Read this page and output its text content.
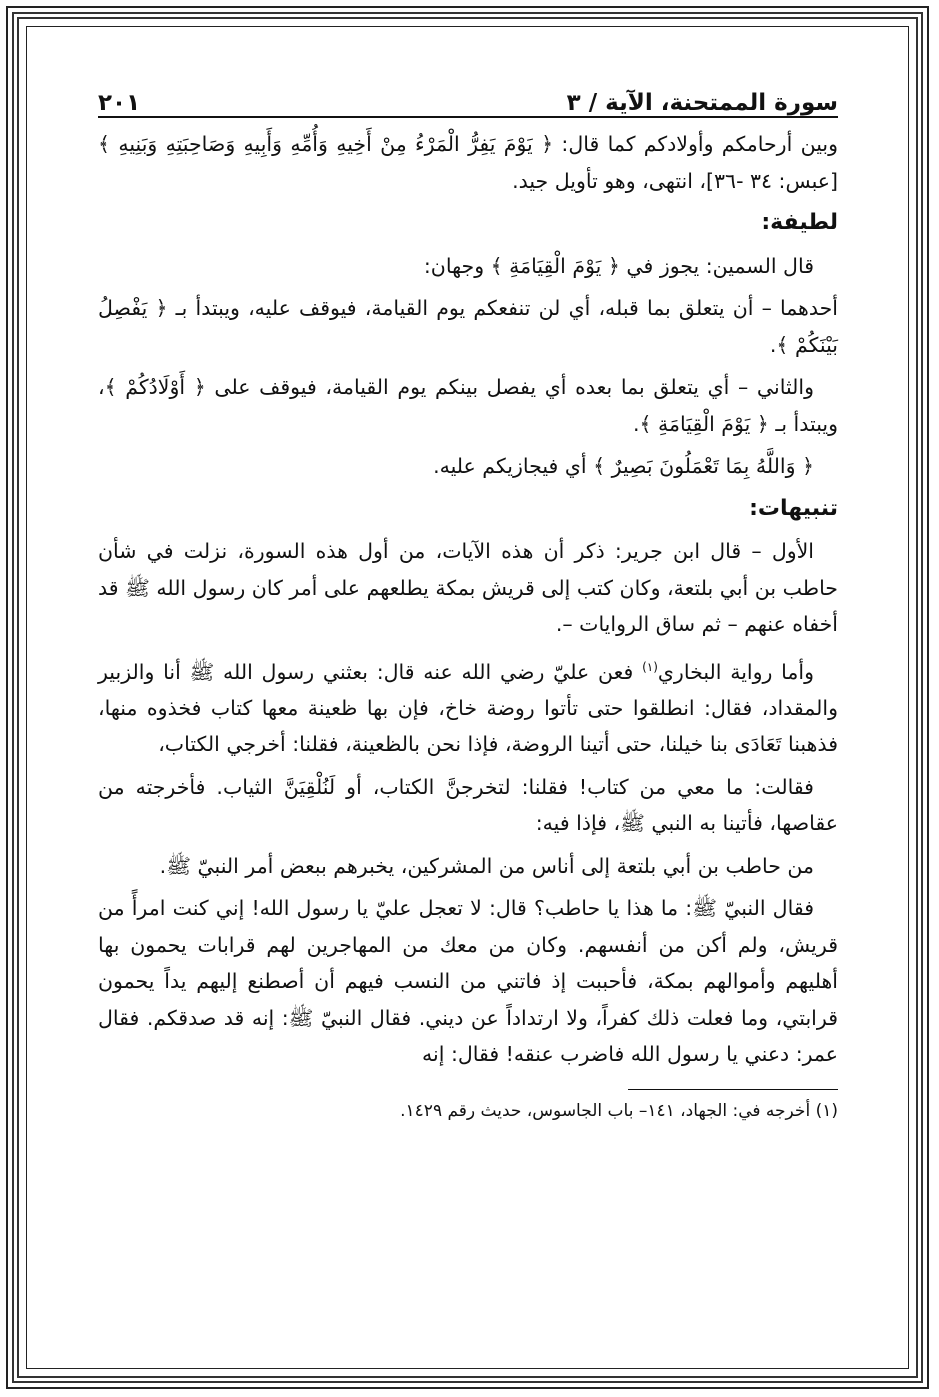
سورة الممتحنة، الآية / ٣
٢٠١

وبين أرحامكم وأولادكم كما قال: ﴿ يَوْمَ يَفِرُّ الْمَرْءُ مِنْ أَخِيهِ وَأُمِّهِ وَأَبِيهِ وَصَاحِبَتِهِ وَبَنِيهِ ﴾ [عبس: ٣٤ -٣٦]، انتهى، وهو تأويل جيد.

لطيفة:

قال السمين: يجوز في ﴿ يَوْمَ الْقِيَامَةِ ﴾ وجهان:

أحدهما – أن يتعلق بما قبله، أي لن تنفعكم يوم القيامة، فيوقف عليه، ويبتدأ بـ ﴿ يَفْصِلُ بَيْنَكُمْ ﴾.

والثاني – أي يتعلق بما بعده أي يفصل بينكم يوم القيامة، فيوقف على ﴿ أَوْلَادُكُمْ ﴾، ويبتدأ بـ ﴿ يَوْمَ الْقِيَامَةِ ﴾.

﴿ وَاللَّهُ بِمَا تَعْمَلُونَ بَصِيرٌ ﴾ أي فيجازيكم عليه.

تنبيهات:

الأول – قال ابن جرير: ذكر أن هذه الآيات، من أول هذه السورة، نزلت في شأن حاطب بن أبي بلتعة، وكان كتب إلى قريش بمكة يطلعهم على أمر كان رسول الله ﷺ قد أخفاه عنهم – ثم ساق الروايات –.

وأما رواية البخاري$^{(١)}$ فعن عليّ رضي الله عنه قال: بعثني رسول الله ﷺ أنا والزبير والمقداد، فقال: انطلقوا حتى تأتوا روضة خاخ، فإن بها ظعينة معها كتاب فخذوه منها، فذهبنا تَعَادَى بنا خيلنا، حتى أتينا الروضة، فإذا نحن بالظعينة، فقلنا: أخرجي الكتاب،

فقالت: ما معي من كتاب! فقلنا: لتخرجنَّ الكتاب، أو لَنُلْقِيَنَّ الثياب. فأخرجته من عقاصها، فأتينا به النبي ﷺ، فإذا فيه:

من حاطب بن أبي بلتعة إلى أناس من المشركين، يخبرهم ببعض أمر النبيّ ﷺ.

فقال النبيّ ﷺ: ما هذا يا حاطب؟ قال: لا تعجل عليّ يا رسول الله! إني كنت امرأً من قريش، ولم أكن من أنفسهم. وكان من معك من المهاجرين لهم قرابات يحمون بها أهليهم وأموالهم بمكة، فأحببت إذ فاتني من النسب فيهم أن أصطنع إليهم يداً يحمون قرابتي، وما فعلت ذلك كفراً، ولا ارتداداً عن ديني. فقال النبيّ ﷺ: إنه قد صدقكم. فقال عمر: دعني يا رسول الله فاضرب عنقه! فقال: إنه

(١) أخرجه في: الجهاد، ١٤١– باب الجاسوس، حديث رقم ١٤٢٩.
